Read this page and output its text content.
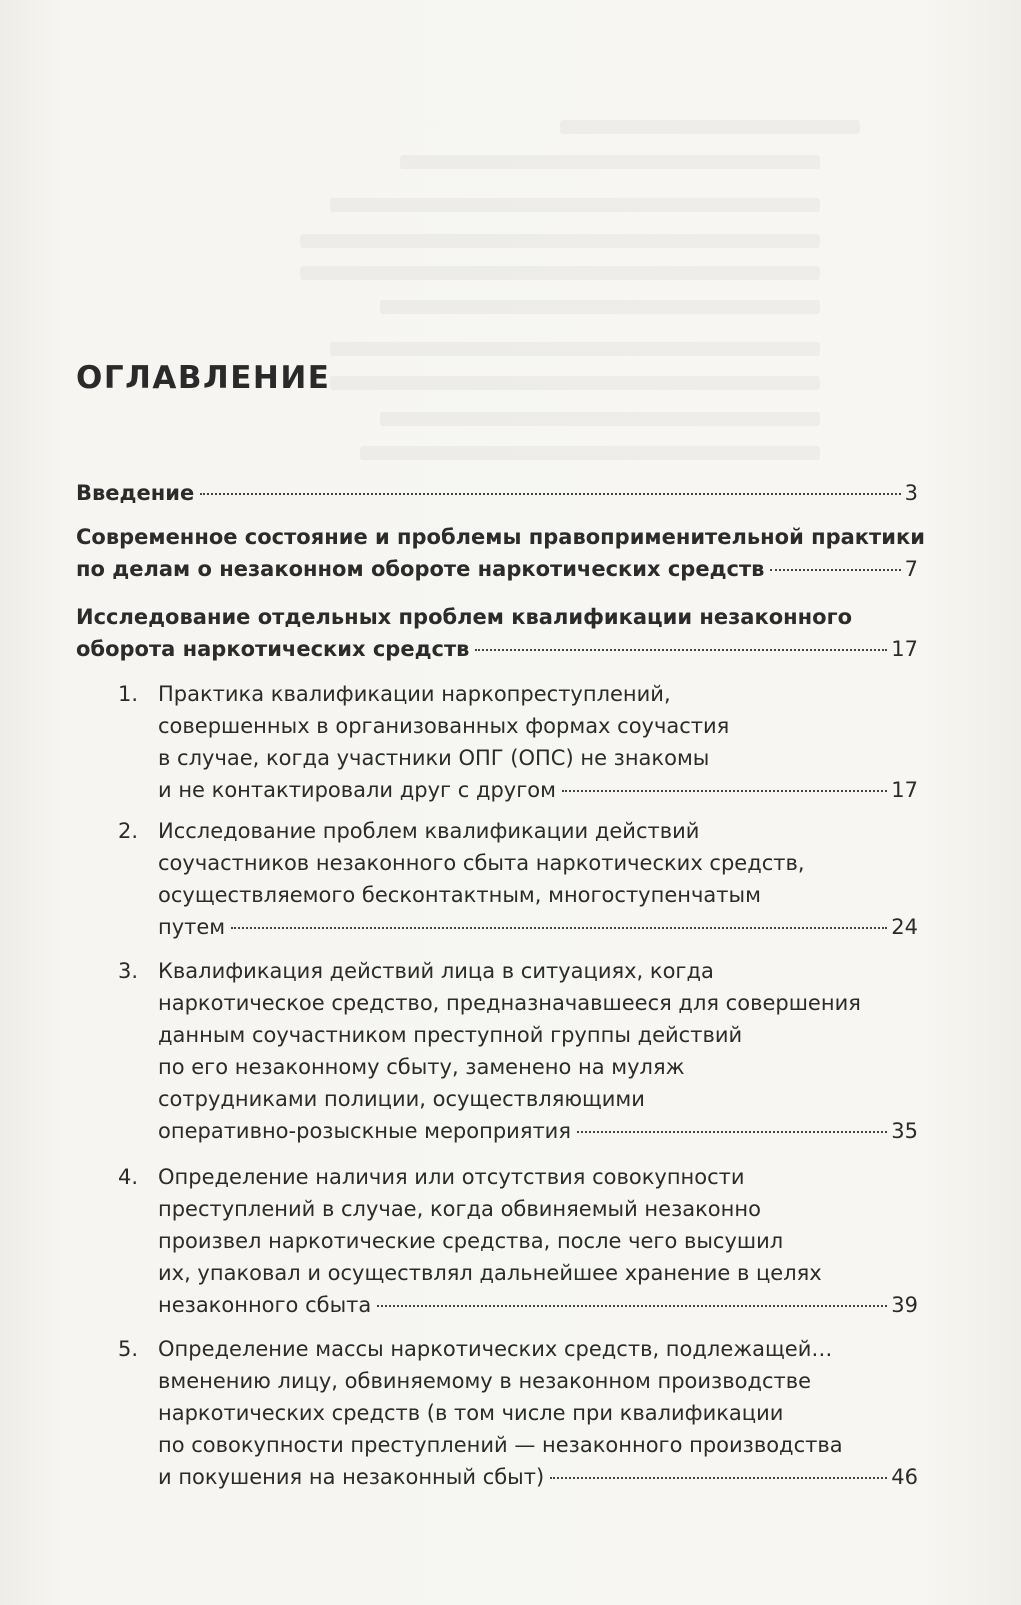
ОГЛАВЛЕНИЕ
Введение	3
Современное состояние и проблемы правоприменительной практики
по делам о незаконном обороте наркотических средств	7
Исследование отдельных проблем квалификации незаконного
оборота наркотических средств	17
1. Практика квалификации наркопреступлений,
совершенных в организованных формах соучастия
в случае, когда участники ОПГ (ОПС) не знакомы
и не контактировали друг с другом	17
2. Исследование проблем квалификации действий
соучастников незаконного сбыта наркотических средств,
осуществляемого бесконтактным, многоступенчатым
путем	24
3. Квалификация действий лица в ситуациях, когда
наркотическое средство, предназначавшееся для совершения
данным соучастником преступной группы действий
по его незаконному сбыту, заменено на муляж
сотрудниками полиции, осуществляющими
оперативно-розыскные мероприятия	35
4. Определение наличия или отсутствия совокупности
преступлений в случае, когда обвиняемый незаконно
произвел наркотические средства, после чего высушил
их, упаковал и осуществлял дальнейшее хранение в целях
незаконного сбыта	39
5. Определение массы наркотических средств, подлежащей…
вменению лицу, обвиняемому в незаконном производстве
наркотических средств (в том числе при квалификации
по совокупности преступлений — незаконного производства
и покушения на незаконный сбыт)	46
